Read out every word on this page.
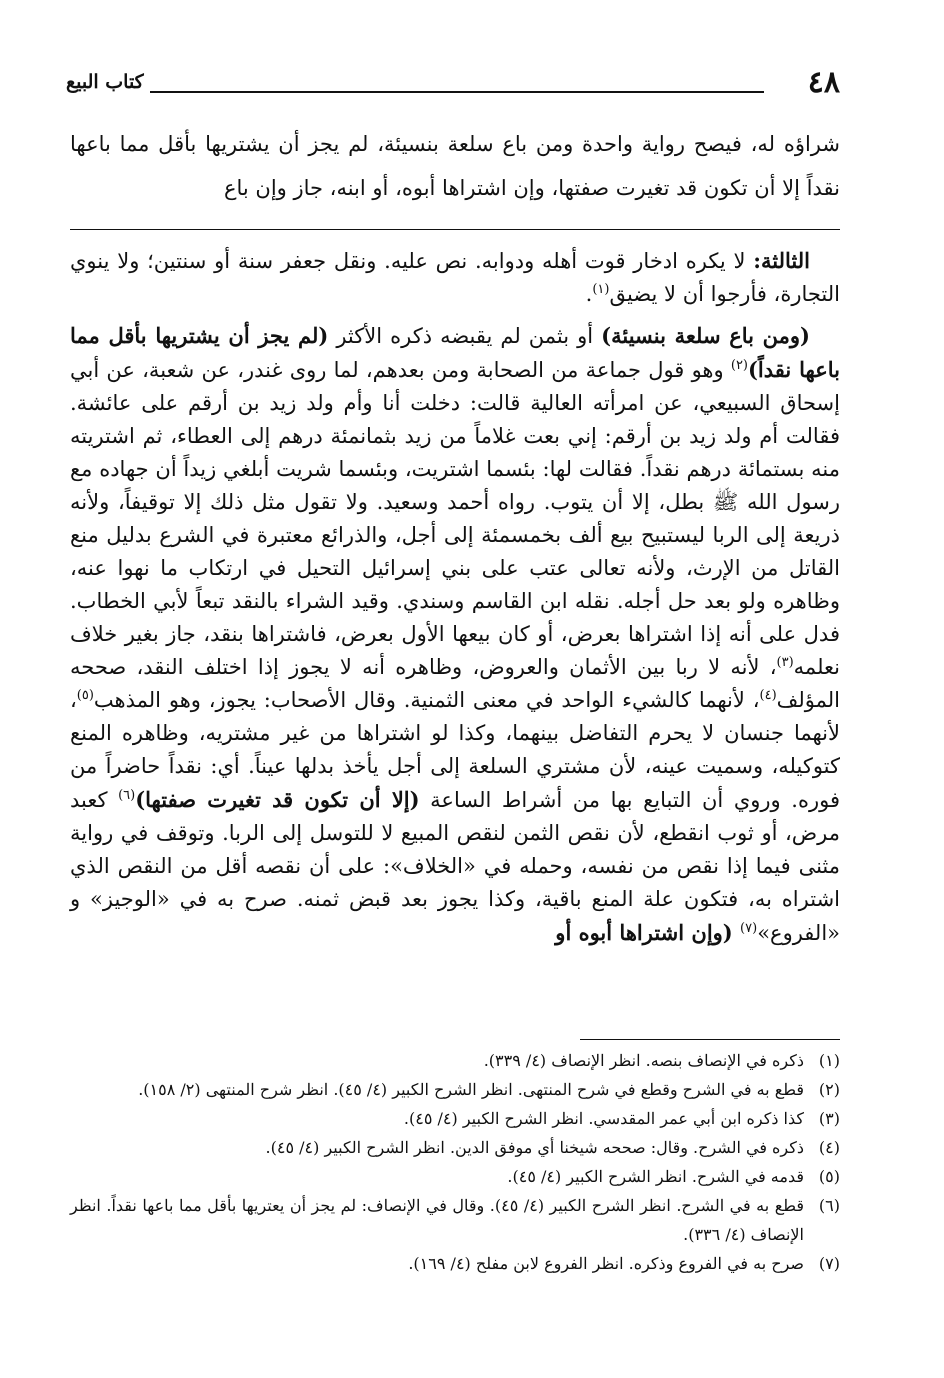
٤٨
كتاب البيع

شراؤه له، فيصح رواية واحدة ومن باع سلعة بنسيئة، لم يجز أن يشتريها بأقل مما باعها نقداً إلا أن تكون قد تغيرت صفتها، وإن اشتراها أبوه، أو ابنه، جاز وإن باع

الثالثة: لا يكره ادخار قوت أهله ودوابه. نص عليه. ونقل جعفر سنة أو سنتين؛ ولا ينوي التجارة، فأرجوا أن لا يضيق$^{(١)}$.

(ومن باع سلعة بنسيئة) أو بثمن لم يقبضه ذكره الأكثر (لم يجز أن يشتريها بأقل مما باعها نقداً)$^{(٢)}$ وهو قول جماعة من الصحابة ومن بعدهم، لما روى غندر، عن شعبة، عن أبي إسحاق السبيعي، عن امرأته العالية قالت: دخلت أنا وأم ولد زيد بن أرقم على عائشة. فقالت أم ولد زيد بن أرقم: إني بعت غلاماً من زيد بثمانمئة درهم إلى العطاء، ثم اشتريته منه بستمائة درهم نقداً. فقالت لها: بئسما اشتريت، وبئسما شريت أبلغي زيداً أن جهاده مع رسول الله ﷺ بطل، إلا أن يتوب. رواه أحمد وسعيد. ولا تقول مثل ذلك إلا توقيفاً، ولأنه ذريعة إلى الربا ليستبيح بيع ألف بخمسمئة إلى أجل، والذرائع معتبرة في الشرع بدليل منع القاتل من الإرث، ولأنه تعالى عتب على بني إسرائيل التحيل في ارتكاب ما نهوا عنه، وظاهره ولو بعد حل أجله. نقله ابن القاسم وسندي. وقيد الشراء بالنقد تبعاً لأبي الخطاب. فدل على أنه إذا اشتراها بعرض، أو كان بيعها الأول بعرض، فاشتراها بنقد، جاز بغير خلاف نعلمه$^{(٣)}$، لأنه لا ربا بين الأثمان والعروض، وظاهره أنه لا يجوز إذا اختلف النقد، صححه المؤلف$^{(٤)}$، لأنهما كالشيء الواحد في معنى الثمنية. وقال الأصحاب: يجوز، وهو المذهب$^{(٥)}$، لأنهما جنسان لا يحرم التفاضل بينهما، وكذا لو اشتراها من غير مشتريه، وظاهره المنع كتوكيله، وسميت عينه، لأن مشتري السلعة إلى أجل يأخذ بدلها عيناً. أي: نقداً حاضراً من فوره. وروي أن التبايع بها من أشراط الساعة (إلا أن تكون قد تغيرت صفتها)$^{(٦)}$ كعبد مرض، أو ثوب انقطع، لأن نقص الثمن لنقص المبيع لا للتوسل إلى الربا. وتوقف في رواية مثنى فيما إذا نقص من نفسه، وحمله في «الخلاف»: على أن نقصه أقل من النقص الذي اشتراه به، فتكون علة المنع باقية، وكذا يجوز بعد قبض ثمنه. صرح به في «الوجيز» و «الفروع»$^{(٧)}$ (وإن اشتراها أبوه أو

(١)
ذكره في الإنصاف بنصه. انظر الإنصاف (٤/ ٣٣٩).
(٢)
قطع به في الشرح وقطع في شرح المنتهى. انظر الشرح الكبير (٤/ ٤٥). انظر شرح المنتهى (٢/ ١٥٨).
(٣)
كذا ذكره ابن أبي عمر المقدسي. انظر الشرح الكبير (٤/ ٤٥).
(٤)
ذكره في الشرح. وقال: صححه شيخنا أي موفق الدين. انظر الشرح الكبير (٤/ ٤٥).
(٥)
قدمه في الشرح. انظر الشرح الكبير (٤/ ٤٥).
(٦)
قطع به في الشرح. انظر الشرح الكبير (٤/ ٤٥). وقال في الإنصاف: لم يجز أن يعتريها بأقل مما باعها نقداً. انظر الإنصاف (٤/ ٣٣٦).
(٧)
صرح به في الفروع وذكره. انظر الفروع لابن مفلح (٤/ ١٦٩).
